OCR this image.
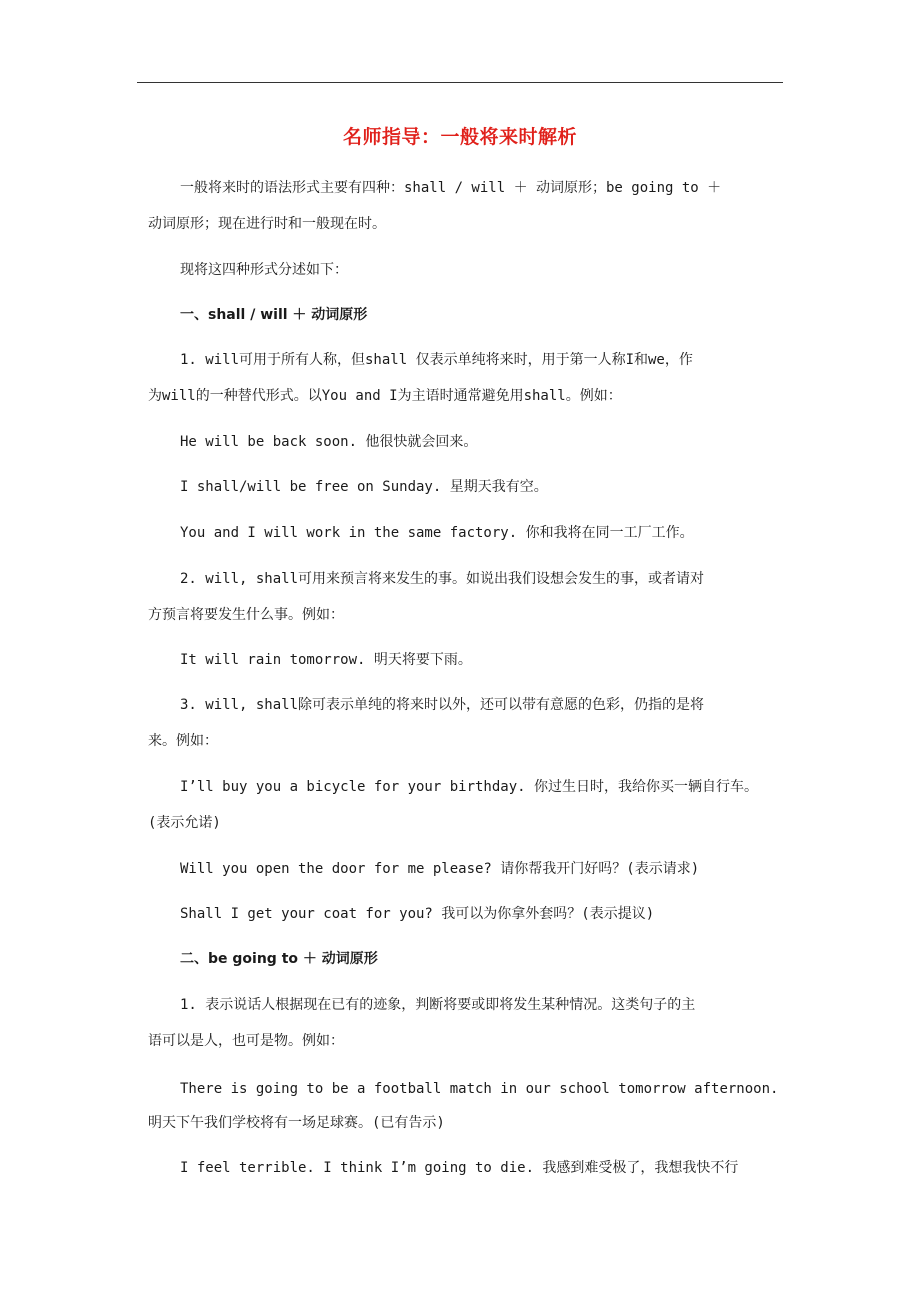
名师指导：一般将来时解析
一般将来时的语法形式主要有四种：shall / will ＋ 动词原形；be going to ＋
动词原形；现在进行时和一般现在时。
现将这四种形式分述如下：
一、shall / will ＋ 动词原形
1. will可用于所有人称，但shall 仅表示单纯将来时，用于第一人称I和we，作
为will的一种替代形式。以You and I为主语时通常避免用shall。例如：
He will be back soon. 他很快就会回来。
I shall/will be free on Sunday. 星期天我有空。
You and I will work in the same factory. 你和我将在同一工厂工作。
2. will, shall可用来预言将来发生的事。如说出我们设想会发生的事，或者请对
方预言将要发生什么事。例如：
It will rain tomorrow. 明天将要下雨。
3. will, shall除可表示单纯的将来时以外，还可以带有意愿的色彩，仍指的是将
来。例如：
I’ll buy you a bicycle for your birthday. 你过生日时，我给你买一辆自行车。
(表示允诺)
Will you open the door for me please? 请你帮我开门好吗？(表示请求)
Shall I get your coat for you? 我可以为你拿外套吗？(表示提议)
二、be going to ＋ 动词原形
1. 表示说话人根据现在已有的迹象，判断将要或即将发生某种情况。这类句子的主
语可以是人，也可是物。例如：
There is going to be a football match in our school tomorrow afternoon.
明天下午我们学校将有一场足球赛。(已有告示)
I feel terrible. I think I’m going to die. 我感到难受极了，我想我快不行
